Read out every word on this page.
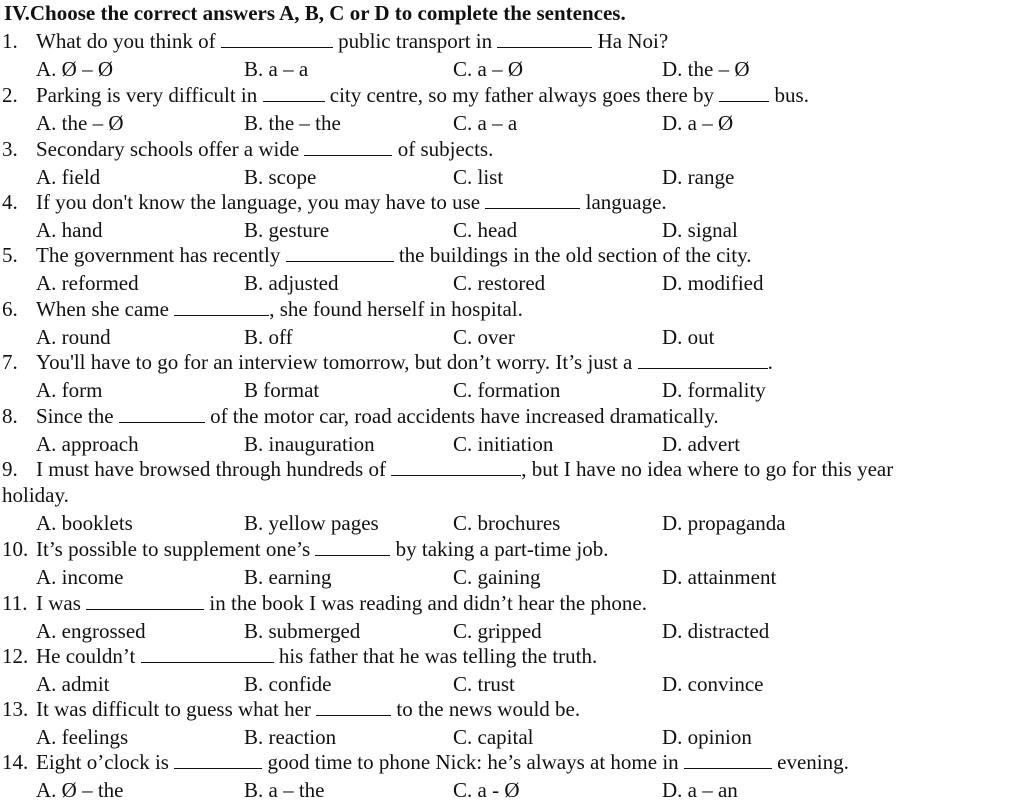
IV.Choose the correct answers A, B, C or D to complete the sentences.
1. What do you think of	public transport in	Ha Noi?
A. Ø – Ø	B. a – a	C. a – Ø	D. the – Ø
2. Parking is very difficult in	city centre, so my father always goes there by  bus.
A. the – Ø	B. the – the	C. a – a	D. a – Ø
3. Secondary schools offer a wide	of subjects.
A. field	B. scope	C. list	D. range
4. If you don't know the language, you may have to use	language.
A. hand	B. gesture	C. head	D. signal
5. The government has recently	the buildings in the old section of the city.
A. reformed	B. adjusted	C. restored	D. modified
6. When she came	, she found herself in hospital.
A. round	B. off	C. over	D. out
7. You'll have to go for an interview tomorrow, but don’t worry. It’s just a	.
A. form	B format	C. formation	D. formality
8. Since the	of the motor car, road accidents have increased dramatically.
A. approach	B. inauguration	C. initiation	D. advert
9. I must have browsed through hundreds of	, but I have no idea where to go for this year
holiday.
A. booklets	B. yellow pages	C. brochures	D. propaganda
10. It’s possible to supplement one’s	by taking a part-time job.
A. income	B. earning	C. gaining	D. attainment
11. I was	in the book I was reading and didn’t hear the phone.
A. engrossed	B. submerged	C. gripped	D. distracted
12. He couldn’t	his father that he was telling the truth.
A. admit	B. confide	C. trust	D. convince
13. It was difficult to guess what her	to the news would be.
A. feelings	B. reaction	C. capital	D. opinion
14. Eight o’clock is	good time to phone Nick: he’s always at home in	evening.
A. Ø – the	B. a – the	C. a - Ø	D. a – an
